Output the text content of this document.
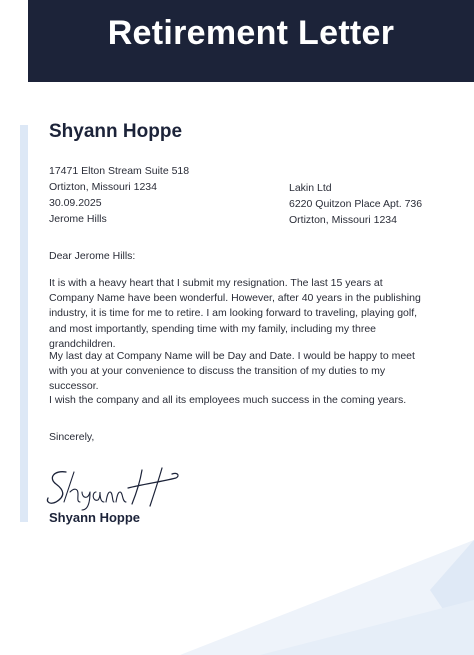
Retirement Letter
Shyann Hoppe
17471 Elton Stream Suite 518
Ortizton, Missouri 1234
30.09.2025
Jerome Hills
Lakin Ltd
6220 Quitzon Place Apt. 736
Ortizton, Missouri 1234
Dear Jerome Hills:
It is with a heavy heart that I submit my resignation. The last 15 years at Company Name have been wonderful. However, after 40 years in the publishing industry, it is time for me to retire. I am looking forward to traveling, playing golf, and most importantly, spending time with my family, including my three grandchildren.
My last day at Company Name will be Day and Date. I would be happy to meet with you at your convenience to discuss the transition of my duties to my successor.
I wish the company and all its employees much success in the coming years.
Sincerely,
Shyann Hoppe
